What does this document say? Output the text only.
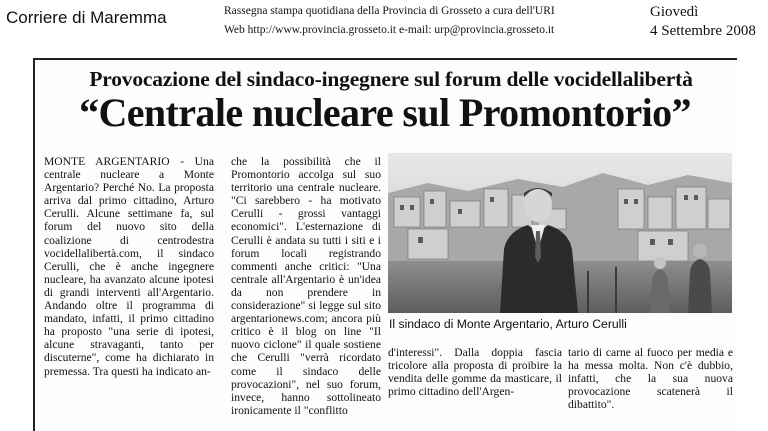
Corriere di Maremma	Rassegna stampa quotidiana della Provincia di Grosseto a cura dell'URI
Web http://www.provincia.grosseto.it e-mail: urp@provincia.grosseto.it
Giovedì
4 Settembre 2008
Provocazione del sindaco-ingegnere sul forum delle vocidellalibertà
“Centrale nucleare sul Promontorio”

MONTE ARGENTARIO - Una centrale nucleare a Monte Argentario? Perché No. La proposta arriva dal primo cittadino, Arturo Cerulli. Alcune settimane fa, sul forum del nuovo sito della coalizione di centrodestra vocidellalibertà.com, il sindaco Cerulli, che è anche ingegnere nucleare, ha avanzato alcune ipotesi di grandi interventi all'Argentario. Andando oltre il programma di mandato, infatti, il primo cittadino ha proposto "una serie di ipotesi, alcune stravaganti, tanto per discuterne", come ha dichiarato in premessa. Tra questi ha indicato an-

che la possibilità che il Promontorio accolga sul suo territorio una centrale nucleare. "Ci sarebbero - ha motivato Cerulli - grossi vantaggi economici". L'esternazione di Cerulli è andata su tutti i siti e i forum locali registrando commenti anche critici: "Una centrale all'Argentario è un'idea da non prendere in considerazione" si legge sul sito argentarionews.com; ancora più critico è il blog on line "Il nuovo ciclone" il quale sostiene che Cerulli "verrà ricordato come il sindaco delle provocazioni", nel suo forum, invece, hanno sottolineato ironicamente il "conflitto

Il sindaco di Monte Argentario, Arturo Cerulli

d'interessi". Dalla doppia fascia tricolore alla proposta di proibire la vendita delle gomme da masticare, il primo cittadino dell'Argen-

tario di carne al fuoco per media e ha messa molta. Non c'è dubbio, infatti, che la sua nuova provocazione scatenerà il dibattito".
